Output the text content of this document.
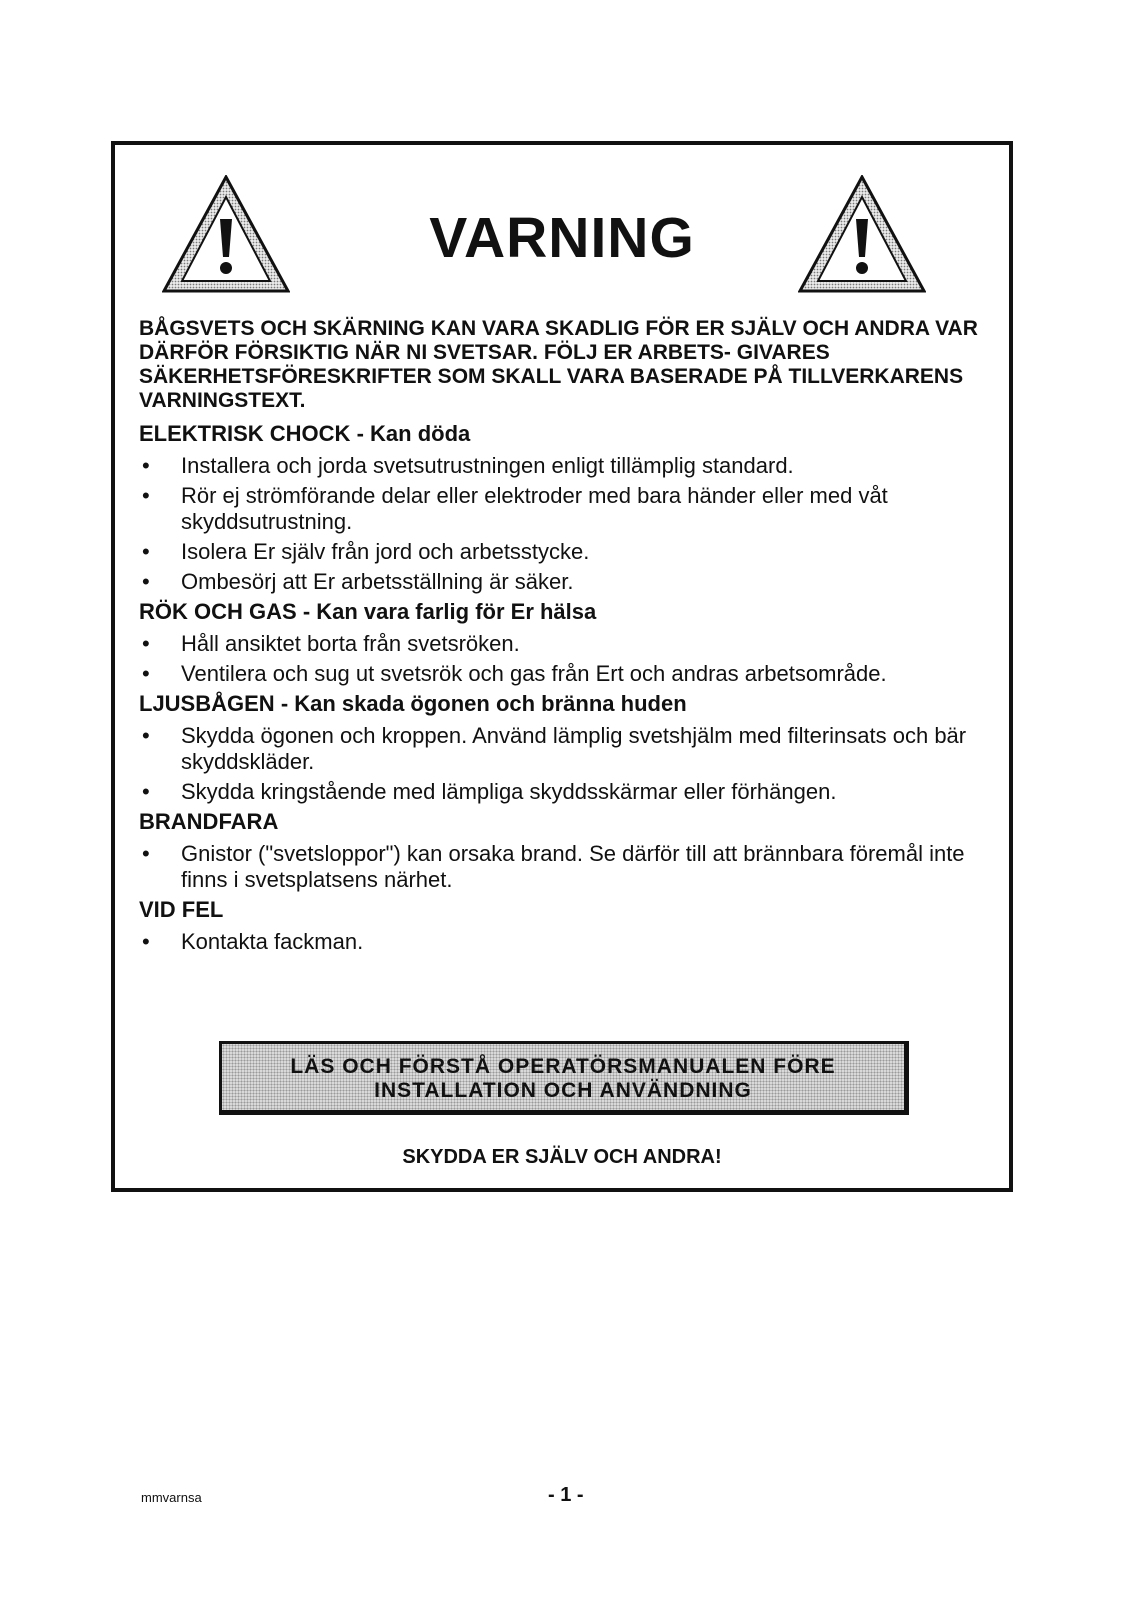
VARNING

BÅGSVETS OCH SKÄRNING KAN VARA SKADLIG FÖR ER SJÄLV OCH ANDRA VAR DÄRFÖR FÖRSIKTIG NÄR NI SVETSAR. FÖLJ ER ARBETS- GIVARES SÄKERHETSFÖRESKRIFTER SOM SKALL VARA BASERADE PÅ TILLVERKARENS VARNINGSTEXT.

ELEKTRISK CHOCK - Kan döda
• Installera och jorda svetsutrustningen enligt tillämplig standard.
• Rör ej strömförande delar eller elektroder med bara händer eller med våt skyddsutrustning.
• Isolera Er själv från jord och arbetsstycke.
• Ombesörj att Er arbetsställning är säker.
RÖK OCH GAS - Kan vara farlig för Er hälsa
• Håll ansiktet borta från svetsröken.
• Ventilera och sug ut svetsrök och gas från Ert och andras arbetsområde.
LJUSBÅGEN - Kan skada ögonen och bränna huden
• Skydda ögonen och kroppen. Använd lämplig svetshjälm med filterinsats och bär skyddskläder.
• Skydda kringstående med lämpliga skyddsskärmar eller förhängen.
BRANDFARA
• Gnistor ("svetsloppor") kan orsaka brand. Se därför till att brännbara föremål inte finns i svetsplatsens närhet.
VID FEL
• Kontakta fackman.
LÄS OCH FÖRSTÅ OPERATÖRSMANUALEN FÖRE
INSTALLATION OCH ANVÄNDNING
SKYDDA ER SJÄLV OCH ANDRA!
mmvarnsa	- 1 -
